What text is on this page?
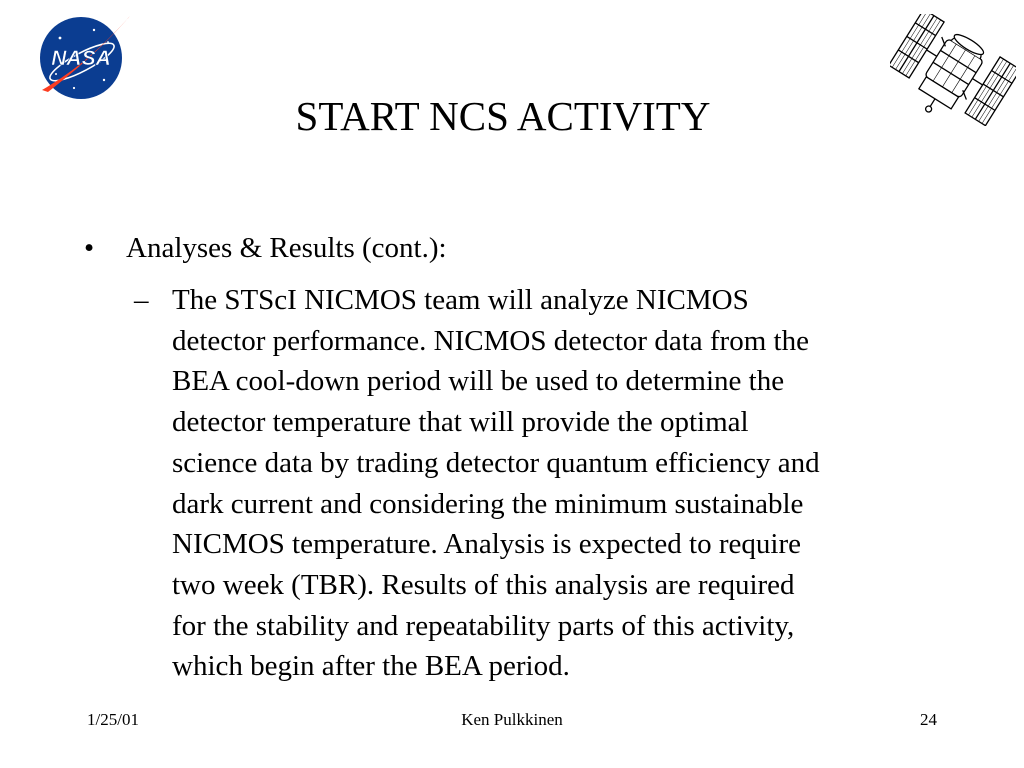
NASA
START NCS ACTIVITY
• Analyses & Results (cont.):
– The STScI NICMOS team will analyze NICMOS
detector performance. NICMOS detector data from the
BEA cool-down period will be used to determine the
detector temperature that will provide the optimal
science data by trading detector quantum efficiency and
dark current and considering the minimum sustainable
NICMOS temperature. Analysis is expected to require
two week (TBR). Results of this analysis are required
for the stability and repeatability parts of this activity,
which begin after the BEA period.
1/25/01	Ken Pulkkinen	24
